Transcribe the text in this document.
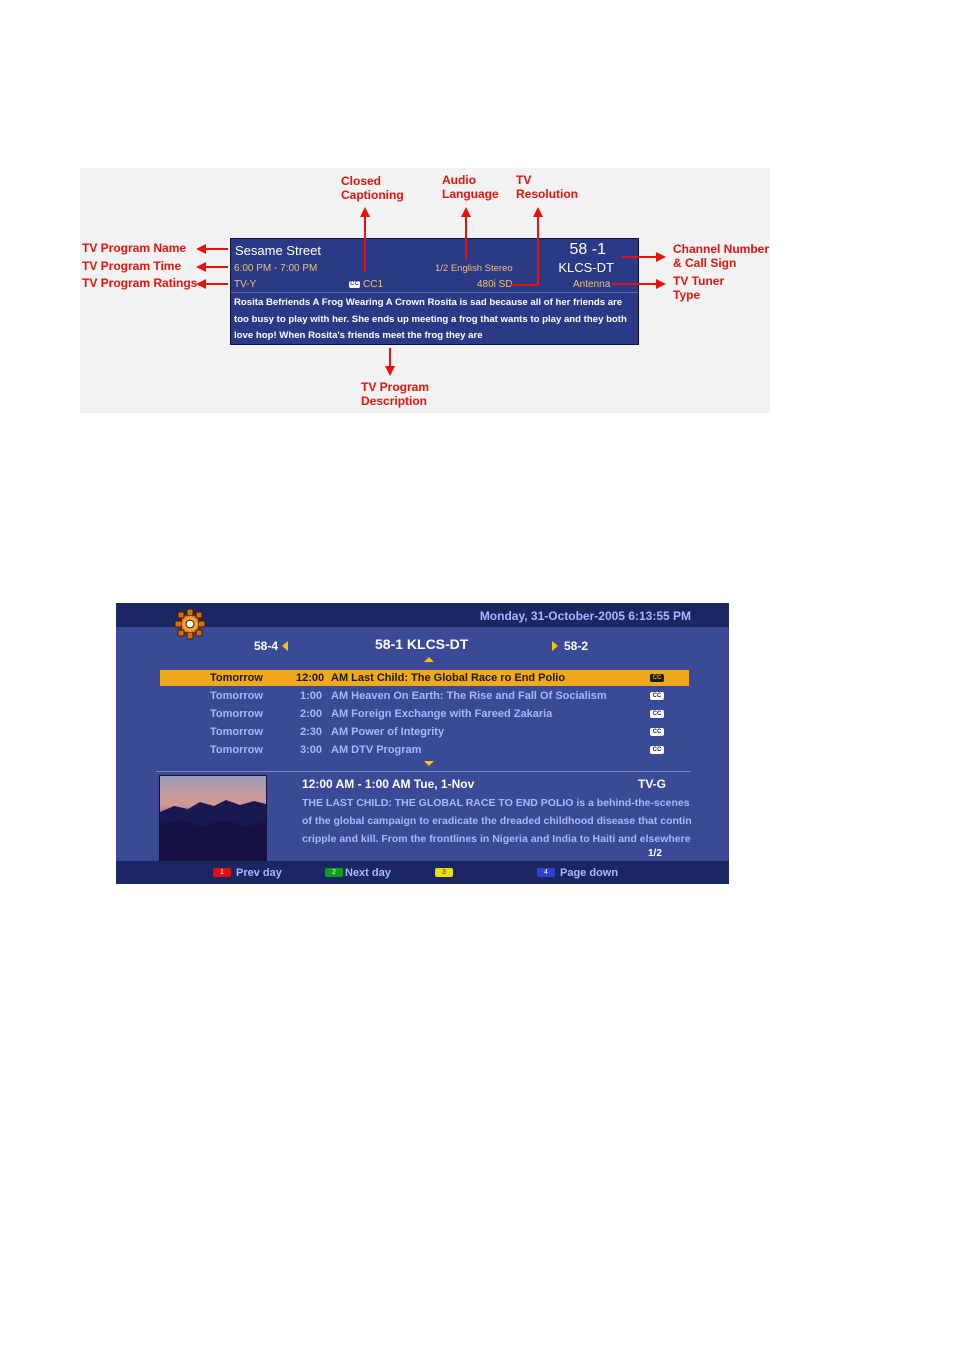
Closed
Captioning
Audio
Language
TV
Resolution
TV Program Name
TV Program Time
TV Program Ratings
Channel Number
& Call Sign
TV Tuner
Type
TV Program
Description
Sesame Street	58 -1
KLCS-DT
6:00 PM - 7:00 PM	1/2 English Stereo
TV-Y	CC CC1	480i SD	Antenna
Rosita Befriends A Frog Wearing A Crown Rosita is sad because all of her friends are too busy to play with her. She ends up meeting a frog that wants to play and they both love hop! When Rosita's friends meet the frog they are
Monday, 31-October-2005 6:13:55 PM
58-4	58-1 KLCS-DT	58-2
Tomorrow	12:00 AM Last Child: The Global Race ro End Polio	CC
Tomorrow	1:00 AM Heaven On Earth: The Rise and Fall Of Socialism	CC
Tomorrow	2:00 AM Foreign Exchange with Fareed Zakaria	CC
Tomorrow	2:30 AM Power of Integrity	CC
Tomorrow	3:00 AM DTV Program	CC
12:00 AM - 1:00 AM Tue, 1-Nov	TV-G
THE LAST CHILD: THE GLOBAL RACE TO END POLIO is a behind-the-scenes of the global campaign to eradicate the dreaded childhood disease that contin cripple and kill. From the frontlines in Nigeria and India to Haiti and elsewhere
1/2
1	Prev day	2 Next day	3	4	Page down
